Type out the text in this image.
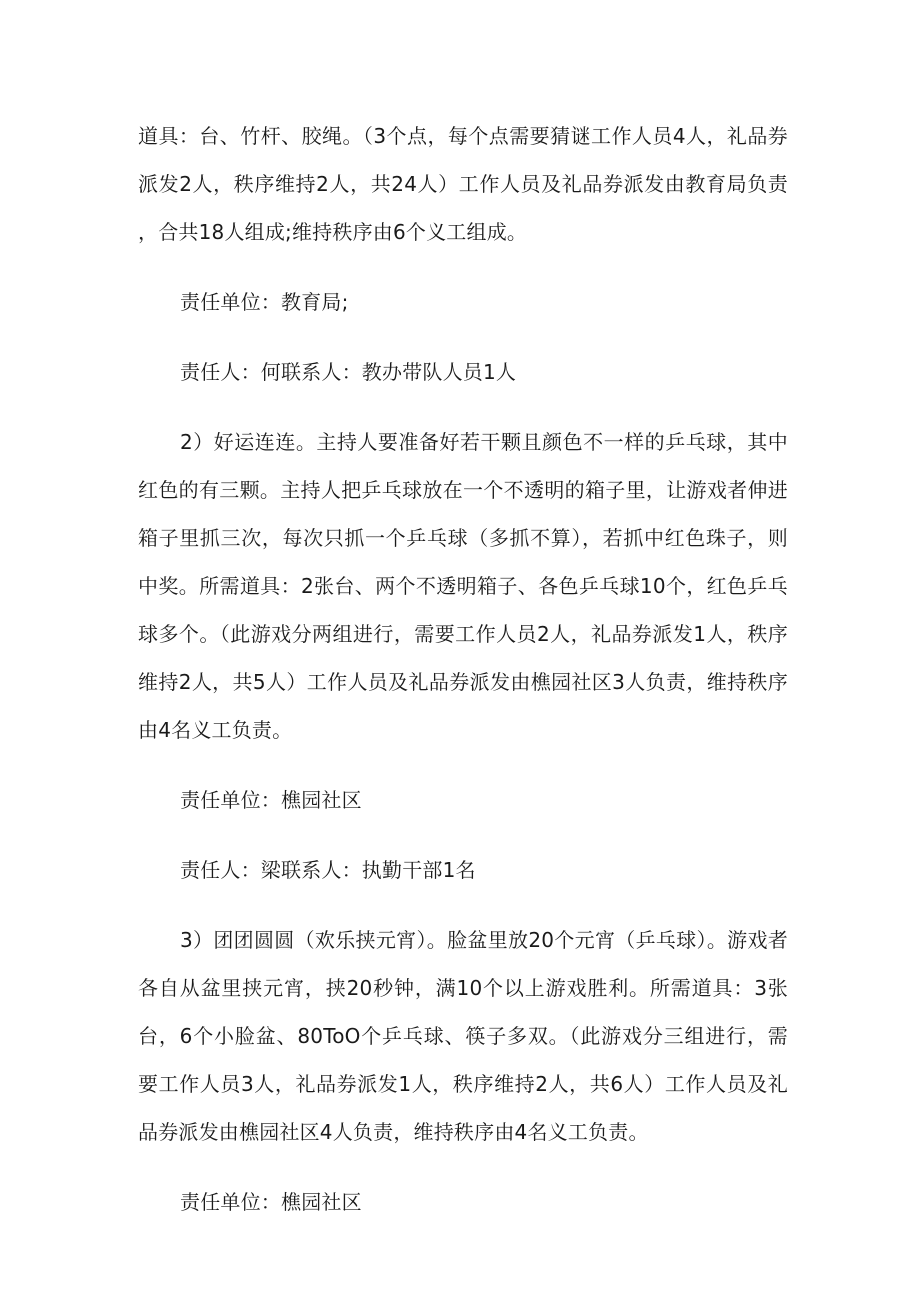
道具：台、竹杆、胶绳。（3个点，每个点需要猜谜工作人员4人，礼品券派发2人，秩序维持2人，共24人）工作人员及礼品券派发由教育局负责，合共18人组成;维持秩序由6个义工组成。

责任单位：教育局;

责任人：何联系人：教办带队人员1人

2）好运连连。主持人要准备好若干颗且颜色不一样的乒乓球，其中红色的有三颗。主持人把乒乓球放在一个不透明的箱子里，让游戏者伸进箱子里抓三次，每次只抓一个乒乓球（多抓不算），若抓中红色珠子，则中奖。所需道具：2张台、两个不透明箱子、各色乒乓球10个，红色乒乓球多个。（此游戏分两组进行，需要工作人员2人，礼品券派发1人，秩序维持2人，共5人）工作人员及礼品券派发由樵园社区3人负责，维持秩序由4名义工负责。

责任单位：樵园社区

责任人：梁联系人：执勤干部1名

3）团团圆圆（欢乐挟元宵）。脸盆里放20个元宵（乒乓球）。游戏者各自从盆里挟元宵，挟20秒钟，满10个以上游戏胜利。所需道具：3张台，6个小脸盆、80ToO个乒乓球、筷子多双。（此游戏分三组进行，需要工作人员3人，礼品券派发1人，秩序维持2人，共6人）工作人员及礼品券派发由樵园社区4人负责，维持秩序由4名义工负责。

责任单位：樵园社区
